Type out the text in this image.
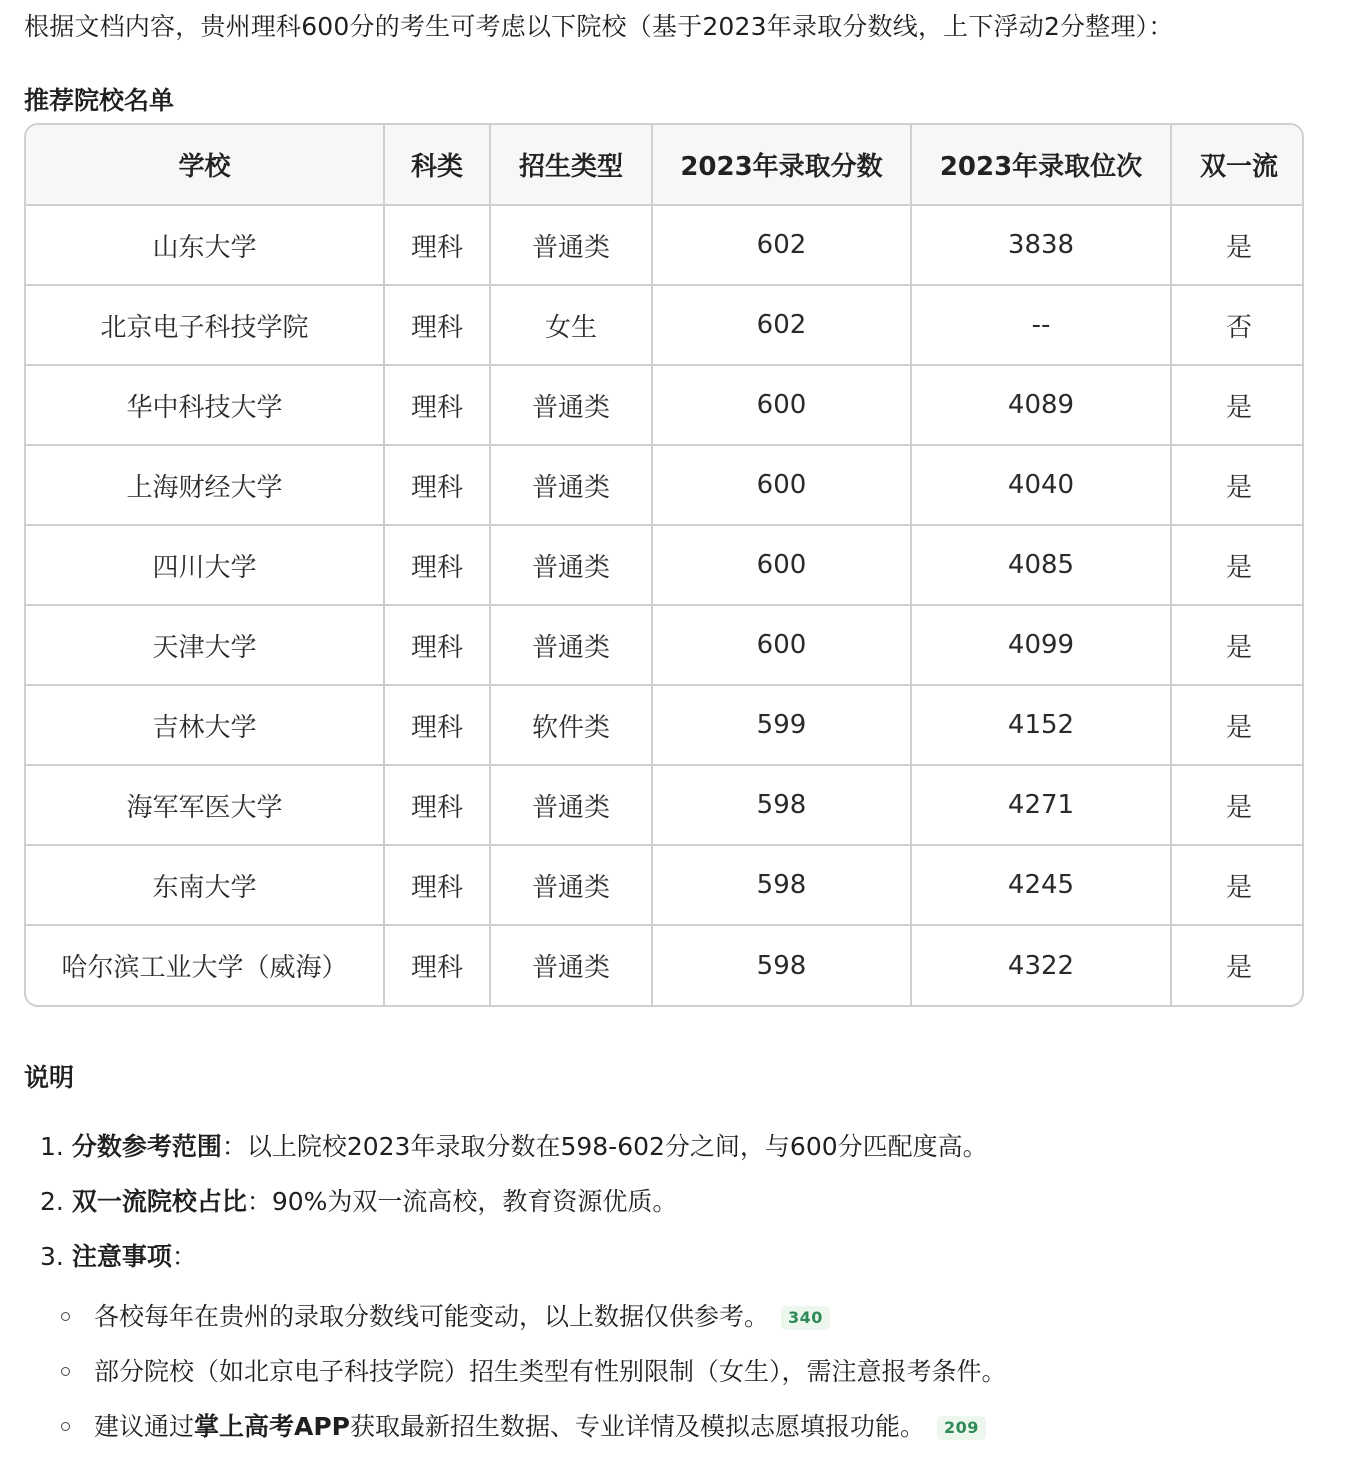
根据文档内容，贵州理科600分的考生可考虑以下院校（基于2023年录取分数线，上下浮动2分整理）：

推荐院校名单
学校	科类	招生类型	2023年录取分数	2023年录取位次	双一流
山东大学	理科	普通类	602	3838	是
北京电子科技学院	理科	女生	602	--	否
华中科技大学	理科	普通类	600	4089	是
上海财经大学	理科	普通类	600	4040	是
四川大学	理科	普通类	600	4085	是
天津大学	理科	普通类	600	4099	是
吉林大学	理科	软件类	599	4152	是
海军军医大学	理科	普通类	598	4271	是
东南大学	理科	普通类	598	4245	是
哈尔滨工业大学（威海）	理科	普通类	598	4322	是
说明
1. 分数参考范围：以上院校2023年录取分数在598-602分之间，与600分匹配度高。
2. 双一流院校占比：90%为双一流高校，教育资源优质。
3. 注意事项：
各校每年在贵州的录取分数线可能变动，以上数据仅供参考。 340
部分院校（如北京电子科技学院）招生类型有性别限制（女生），需注意报考条件。
建议通过掌上高考APP获取最新招生数据、专业详情及模拟志愿填报功能。 209
